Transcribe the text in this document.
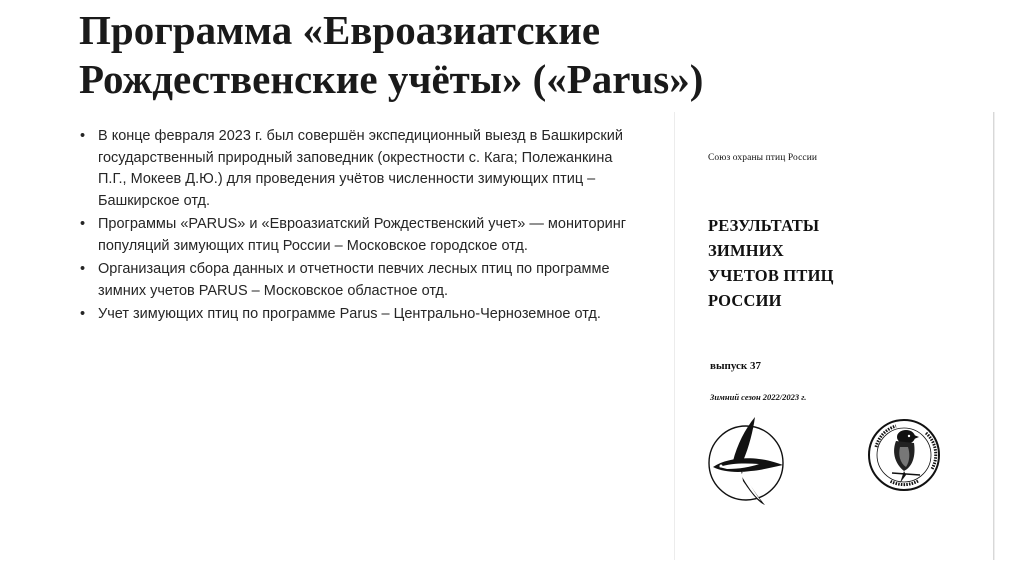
Программа «Евроазиатские Рождественские учёты» («Parus»)
• В конце февраля 2023 г. был совершён экспедиционный выезд в Башкирский государственный природный заповедник (окрестности с. Кага; Полежанкина П.Г., Мокеев Д.Ю.) для проведения учётов численности зимующих птиц – Башкирское отд.
• Программы «PARUS» и «Евроазиатский Рождественский учет» — мониторинг популяций зимующих птиц России – Московское городское отд.
• Организация сбора данных и отчетности певчих лесных птиц по программе зимних учетов PARUS – Московское областное отд.
• Учет зимующих птиц по программе Parus – Центрально-Черноземное отд.
Союз охраны птиц России
РЕЗУЛЬТАТЫ
ЗИМНИХ
УЧЕТОВ ПТИЦ
РОССИИ
выпуск 37
Зимний сезон 2022/2023 г.
